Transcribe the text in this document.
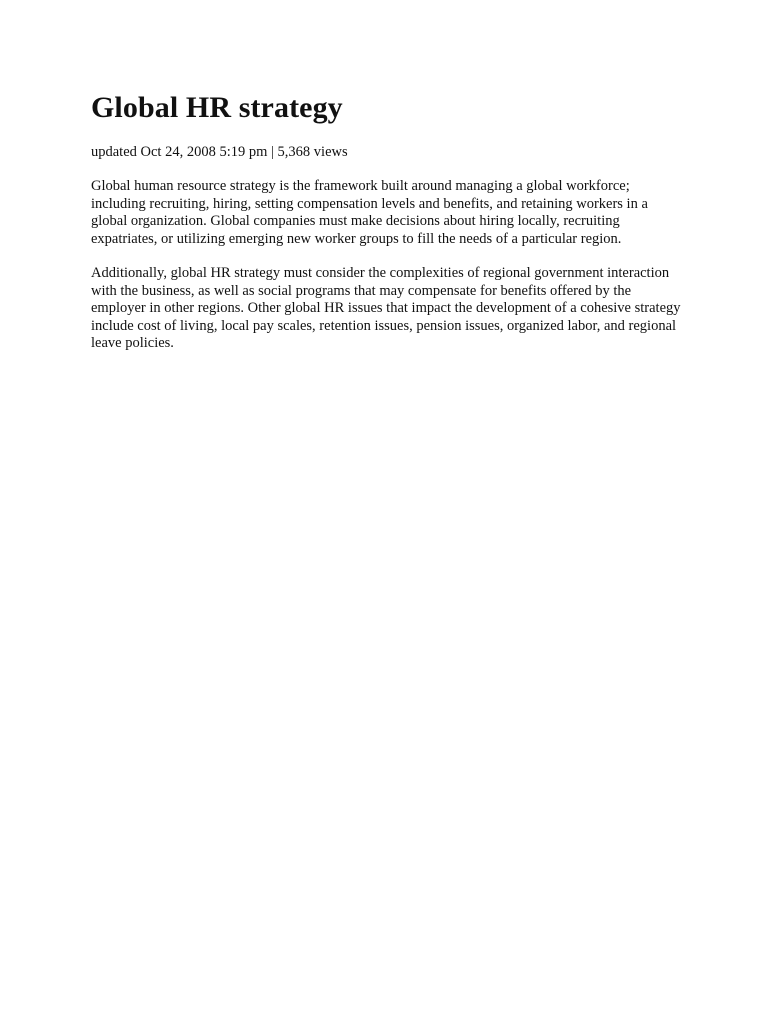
Global HR strategy

updated Oct 24, 2008 5:19 pm | 5,368 views

Global human resource strategy is the framework built around managing a global workforce; including recruiting, hiring, setting compensation levels and benefits, and retaining workers in a global organization. Global companies must make decisions about hiring locally, recruiting expatriates, or utilizing emerging new worker groups to fill the needs of a particular region.

Additionally, global HR strategy must consider the complexities of regional government interaction with the business, as well as social programs that may compensate for benefits offered by the employer in other regions. Other global HR issues that impact the development of a cohesive strategy include cost of living, local pay scales, retention issues, pension issues, organized labor, and regional leave policies.
